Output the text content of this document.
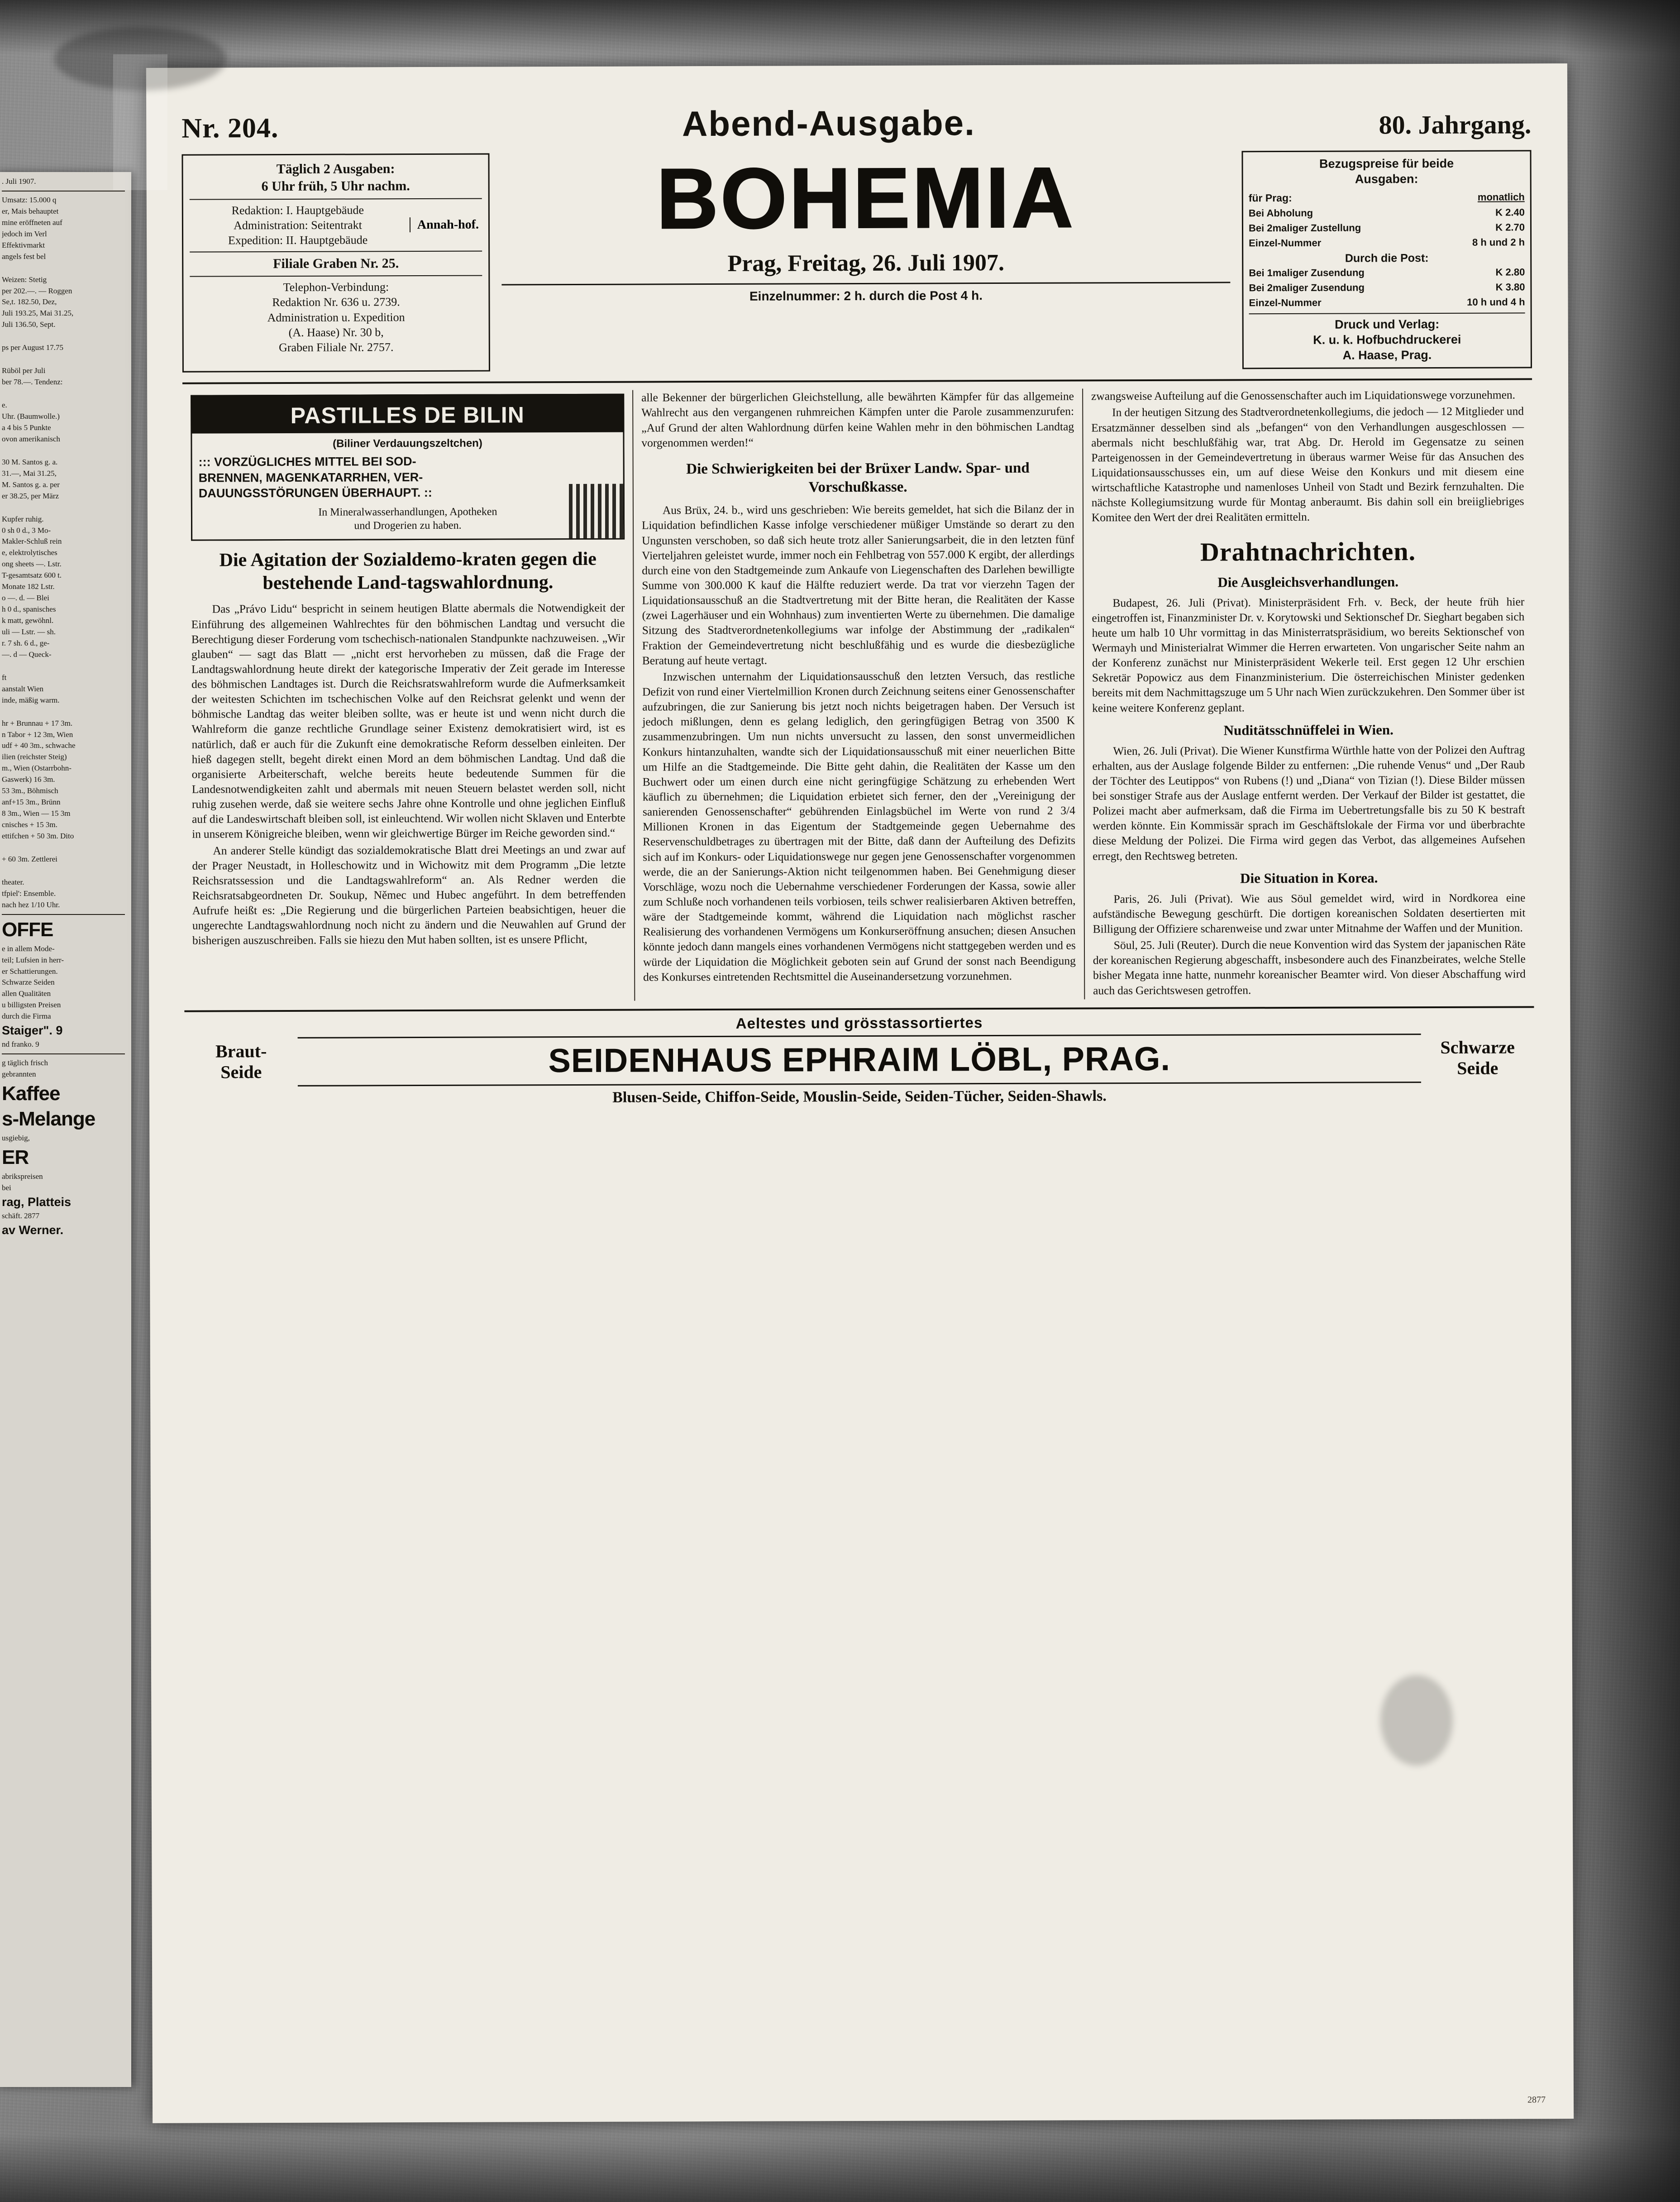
. Juli 1907.
Umsatz: 15.000 q
er, Mais behauptet
mine eröffneten auf
jedoch im Verl
Effektivmarkt
angels fest bel
Weizen: Stetig
per 202.—. — Roggen
Se,t. 182.50, Dez,
Juli 193.25, Mai 31.25,
Juli 136.50, Sept.
ps per August 17.75
Rüböl per Juli
ber 78.—. Tendenz:
e.
Uhr. (Baumwolle.)
a 4 bis 5 Punkte
ovon amerikanisch
30 M. Santos g. a.
31.—, Mai 31.25,
M. Santos g. a. per
er 38.25, per März
Kupfer ruhig.
0 sh 0 d., 3 Mo-
Makler-Schluß rein
e, elektrolytisches
ong sheets —. Lstr.
T-gesamtsatz 600 t.
Monate 182 Lstr.
o —. d. — Blei
h 0 d., spanisches
k matt, gewöhnl.
uli — Lstr. — sh.
r. 7 sh. 6 d., ge-
—. d — Queck-
ft
aanstalt Wien
inde, mäßig warm.
hr + Brunnau + 17 3m.
n Tabor + 12 3m, Wien
udf + 40 3m., schwache
ilien (reichster Steig)
m., Wien (Ostarrbohn-
Gaswerk) 16 3m.
53 3m., Böhmisch
anf+15 3m., Brünn
8 3m., Wien — 15 3m
cnisches + 15 3m.
ettifchen + 50 3m. Dito
+ 60 3m. Zettlerei
theater.
tfpiel': Ensemble.
nach hez 1/10 Uhr.
OFFE
e in allem Mode-
teil; Lufsien in herr-
er Schattierungen.
Schwarze Seiden
allen Qualitäten
u billigsten Preisen
durch die Firma
Staiger". 9
nd franko. 9
g täglich frisch
gebrannten
Kaffee
s-Melange
usgiebig,
ER
abrikspreisen
bei
rag, Platteis
schäft. 2877
av Werner.
Nr. 204.	Abend-Ausgabe.	80. Jahrgang.
Täglich 2 Ausgaben:
6 Uhr früh, 5 Uhr nachm.
Redaktion: I. Hauptgebäude
Administration: Seitentrakt
Expedition: II. Hauptgebäude
Annah-hof.
Filiale Graben Nr. 25.
Telephon-Verbindung:
Redaktion Nr. 636 u. 2739.
Administration u. Expedition
(A. Haase) Nr. 30 b,
Graben Filiale Nr. 2757.
BOHEMIA
Prag, Freitag, 26. Juli 1907.
Einzelnummer: 2 h. durch die Post 4 h.
Bezugspreise für beide
Ausgaben:
für Prag:	monatlich
Bei Abholung	K 2.40
Bei 2maliger Zustellung	K 2.70
Einzel-Nummer	8 h und 2 h
Durch die Post:
Bei 1maliger Zusendung	K 2.80
Bei 2maliger Zusendung	K 3.80
Einzel-Nummer	10 h und 4 h
Druck und Verlag:
K. u. k. Hofbuchdruckerei
A. Haase, Prag.
PASTILLES DE BILIN
(Biliner Verdauungszeltchen)
::: VORZÜGLICHES MITTEL BEI SOD-
BRENNEN, MAGENKATARRHEN, VER-
DAUUNGSSTÖRUNGEN ÜBERHAUPT. ::
In Mineralwasserhandlungen, Apotheken
und Drogerien zu haben.
Die Agitation der Sozialdemo-kraten gegen die bestehende Land-tagswahlordnung.

Das „Právo Lidu“ bespricht in seinem heutigen Blatte abermals die Notwendigkeit der Einführung des allgemeinen Wahlrechtes für den böhmischen Landtag und versucht die Berechtigung dieser Forderung vom tschechisch-nationalen Standpunkte nachzuweisen. „Wir glauben“ — sagt das Blatt — „nicht erst hervorheben zu müssen, daß die Frage der Landtagswahlordnung heute direkt der kategorische Imperativ der Zeit gerade im Interesse des böhmischen Landtages ist. Durch die Reichsratswahlreform wurde die Aufmerksamkeit der weitesten Schichten im tschechischen Volke auf den Reichsrat gelenkt und wenn der böhmische Landtag das weiter bleiben sollte, was er heute ist und wenn nicht durch die Wahlreform die ganze rechtliche Grundlage seiner Existenz demokratisiert wird, ist es natürlich, daß er auch für die Zukunft eine demokratische Reform desselben einleiten. Der hieß dagegen stellt, begeht direkt einen Mord an dem böhmischen Landtag. Und daß die organisierte Arbeiterschaft, welche bereits heute bedeutende Summen für die Landesnotwendigkeiten zahlt und abermals mit neuen Steuern belastet werden soll, nicht ruhig zusehen werde, daß sie weitere sechs Jahre ohne Kontrolle und ohne jeglichen Einfluß auf die Landeswirtschaft bleiben soll, ist einleuchtend. Wir wollen nicht Sklaven und Enterbte in unserem Königreiche bleiben, wenn wir gleichwertige Bürger im Reiche geworden sind.“

An anderer Stelle kündigt das sozialdemokratische Blatt drei Meetings an und zwar auf der Prager Neustadt, in Holleschowitz und in Wichowitz mit dem Programm „Die letzte Reichsratssession und die Landtagswahlreform“ an. Als Redner werden die Reichsratsabgeordneten Dr. Soukup, Němec und Hubec angeführt. In dem betreffenden Aufrufe heißt es: „Die Regierung und die bürgerlichen Parteien beabsichtigen, heuer die ungerechte Landtagswahlordnung noch nicht zu ändern und die Neuwahlen auf Grund der bisherigen auszuschreiben. Falls sie hiezu den Mut haben sollten, ist es unsere Pflicht,

alle Bekenner der bürgerlichen Gleichstellung, alle bewährten Kämpfer für das allgemeine Wahlrecht aus den vergangenen ruhmreichen Kämpfen unter die Parole zusammenzurufen: „Auf Grund der alten Wahlordnung dürfen keine Wahlen mehr in den böhmischen Landtag vorgenommen werden!“

Die Schwierigkeiten bei der Brüxer Landw. Spar- und Vorschußkasse.

Aus Brüx, 24. b., wird uns geschrieben: Wie bereits gemeldet, hat sich die Bilanz der in Liquidation befindlichen Kasse infolge verschiedener müßiger Umstände so derart zu den Ungunsten verschoben, so daß sich heute trotz aller Sanierungsarbeit, die in den letzten fünf Vierteljahren geleistet wurde, immer noch ein Fehlbetrag von 557.000 K ergibt, der allerdings durch eine von den Stadtgemeinde zum Ankaufe von Liegenschaften des Darlehen bewilligte Summe von 300.000 K kauf die Hälfte reduziert werde. Da trat vor vierzehn Tagen der Liquidationsausschuß an die Stadtvertretung mit der Bitte heran, die Realitäten der Kasse (zwei Lagerhäuser und ein Wohnhaus) zum inventierten Werte zu übernehmen. Die damalige Sitzung des Stadtverordnetenkollegiums war infolge der Abstimmung der „radikalen“ Fraktion der Gemeindevertretung nicht beschlußfähig und es wurde die diesbezügliche Beratung auf heute vertagt.

Inzwischen unternahm der Liquidationsausschuß den letzten Versuch, das restliche Defizit von rund einer Viertelmillion Kronen durch Zeichnung seitens einer Genossenschafter aufzubringen, die zur Sanierung bis jetzt noch nichts beigetragen haben. Der Versuch ist jedoch mißlungen, denn es gelang lediglich, den geringfügigen Betrag von 3500 K zusammenzubringen. Um nun nichts unversucht zu lassen, den sonst unvermeidlichen Konkurs hintanzuhalten, wandte sich der Liquidationsausschuß mit einer neuerlichen Bitte um Hilfe an die Stadtgemeinde. Die Bitte geht dahin, die Realitäten der Kasse um den Buchwert oder um einen durch eine nicht geringfügige Schätzung zu erhebenden Wert käuflich zu übernehmen; die Liquidation erbietet sich ferner, den der „Vereinigung der sanierenden Genossenschafter“ gebührenden Einlagsbüchel im Werte von rund 2 3/4 Millionen Kronen in das Eigentum der Stadtgemeinde gegen Uebernahme des Reservenschuldbetrages zu übertragen mit der Bitte, daß dann der Aufteilung des Defizits sich auf im Konkurs- oder Liquidationswege nur gegen jene Genossenschafter vorgenommen werde, die an der Sanierungs-Aktion nicht teilgenommen haben. Bei Genehmigung dieser Vorschläge, wozu noch die Uebernahme verschiedener Forderungen der Kassa, sowie aller zum Schluße noch vorhandenen teils vorbiosen, teils schwer realisierbaren Aktiven betreffen, wäre der Stadtgemeinde kommt, während die Liquidation nach möglichst rascher Realisierung des vorhandenen Vermögens um Konkurseröffnung ansuchen; diesen Ansuchen könnte jedoch dann mangels eines vorhandenen Vermögens nicht stattgegeben werden und es würde der Liquidation die Möglichkeit geboten sein auf Grund der sonst nach Beendigung des Konkurses eintretenden Rechtsmittel die Auseinandersetzung vorzunehmen.

zwangsweise Aufteilung auf die Genossenschafter auch im Liquidationswege vorzunehmen.

In der heutigen Sitzung des Stadtverordnetenkollegiums, die jedoch — 12 Mitglieder und Ersatzmänner desselben sind als „befangen“ von den Verhandlungen ausgeschlossen — abermals nicht beschlußfähig war, trat Abg. Dr. Herold im Gegensatze zu seinen Parteigenossen in der Gemeindevertretung in überaus warmer Weise für das Ansuchen des Liquidationsausschusses ein, um auf diese Weise den Konkurs und mit diesem eine wirtschaftliche Katastrophe und namenloses Unheil von Stadt und Bezirk fernzuhalten. Die nächste Kollegiumsitzung wurde für Montag anberaumt. Bis dahin soll ein breiigliebriges Komitee den Wert der drei Realitäten ermitteln.

Drahtnachrichten.
Die Ausgleichsverhandlungen.

Budapest, 26. Juli (Privat). Ministerpräsident Frh. v. Beck, der heute früh hier eingetroffen ist, Finanzminister Dr. v. Korytowski und Sektionschef Dr. Sieghart begaben sich heute um halb 10 Uhr vormittag in das Ministerratspräsidium, wo bereits Sektionschef von Wermayh und Ministerialrat Wimmer die Herren erwarteten. Von ungarischer Seite nahm an der Konferenz zunächst nur Ministerpräsident Wekerle teil. Erst gegen 12 Uhr erschien Sekretär Popowicz aus dem Finanzministerium. Die österreichischen Minister gedenken bereits mit dem Nachmittagszuge um 5 Uhr nach Wien zurückzukehren. Den Sommer über ist keine weitere Konferenz geplant.

Nuditätsschnüffelei in Wien.

Wien, 26. Juli (Privat). Die Wiener Kunstfirma Würthle hatte von der Polizei den Auftrag erhalten, aus der Auslage folgende Bilder zu entfernen: „Die ruhende Venus“ und „Der Raub der Töchter des Leutippos“ von Rubens (!) und „Diana“ von Tizian (!). Diese Bilder müssen bei sonstiger Strafe aus der Auslage entfernt werden. Der Verkauf der Bilder ist gestattet, die Polizei macht aber aufmerksam, daß die Firma im Uebertretungsfalle bis zu 50 K bestraft werden könnte. Ein Kommissär sprach im Geschäftslokale der Firma vor und überbrachte diese Meldung der Polizei. Die Firma wird gegen das Verbot, das allgemeines Aufsehen erregt, den Rechtsweg betreten.

Die Situation in Korea.

Paris, 26. Juli (Privat). Wie aus Söul gemeldet wird, wird in Nordkorea eine aufständische Bewegung geschürft. Die dortigen koreanischen Soldaten desertierten mit Billigung der Offiziere scharenweise und zwar unter Mitnahme der Waffen und der Munition.

Söul, 25. Juli (Reuter). Durch die neue Konvention wird das System der japanischen Räte der koreanischen Regierung abgeschafft, insbesondere auch des Finanzbeirates, welche Stelle bisher Megata inne hatte, nunmehr koreanischer Beamter wird. Von dieser Abschaffung wird auch das Gerichtswesen getroffen.

Braut-
Seide
Aeltestes und grösstassortiertes
SEIDENHAUS EPHRAIM LÖBL, PRAG.
Blusen-Seide, Chiffon-Seide, Mouslin-Seide, Seiden-Tücher, Seiden-Shawls.
Schwarze
Seide
2877
